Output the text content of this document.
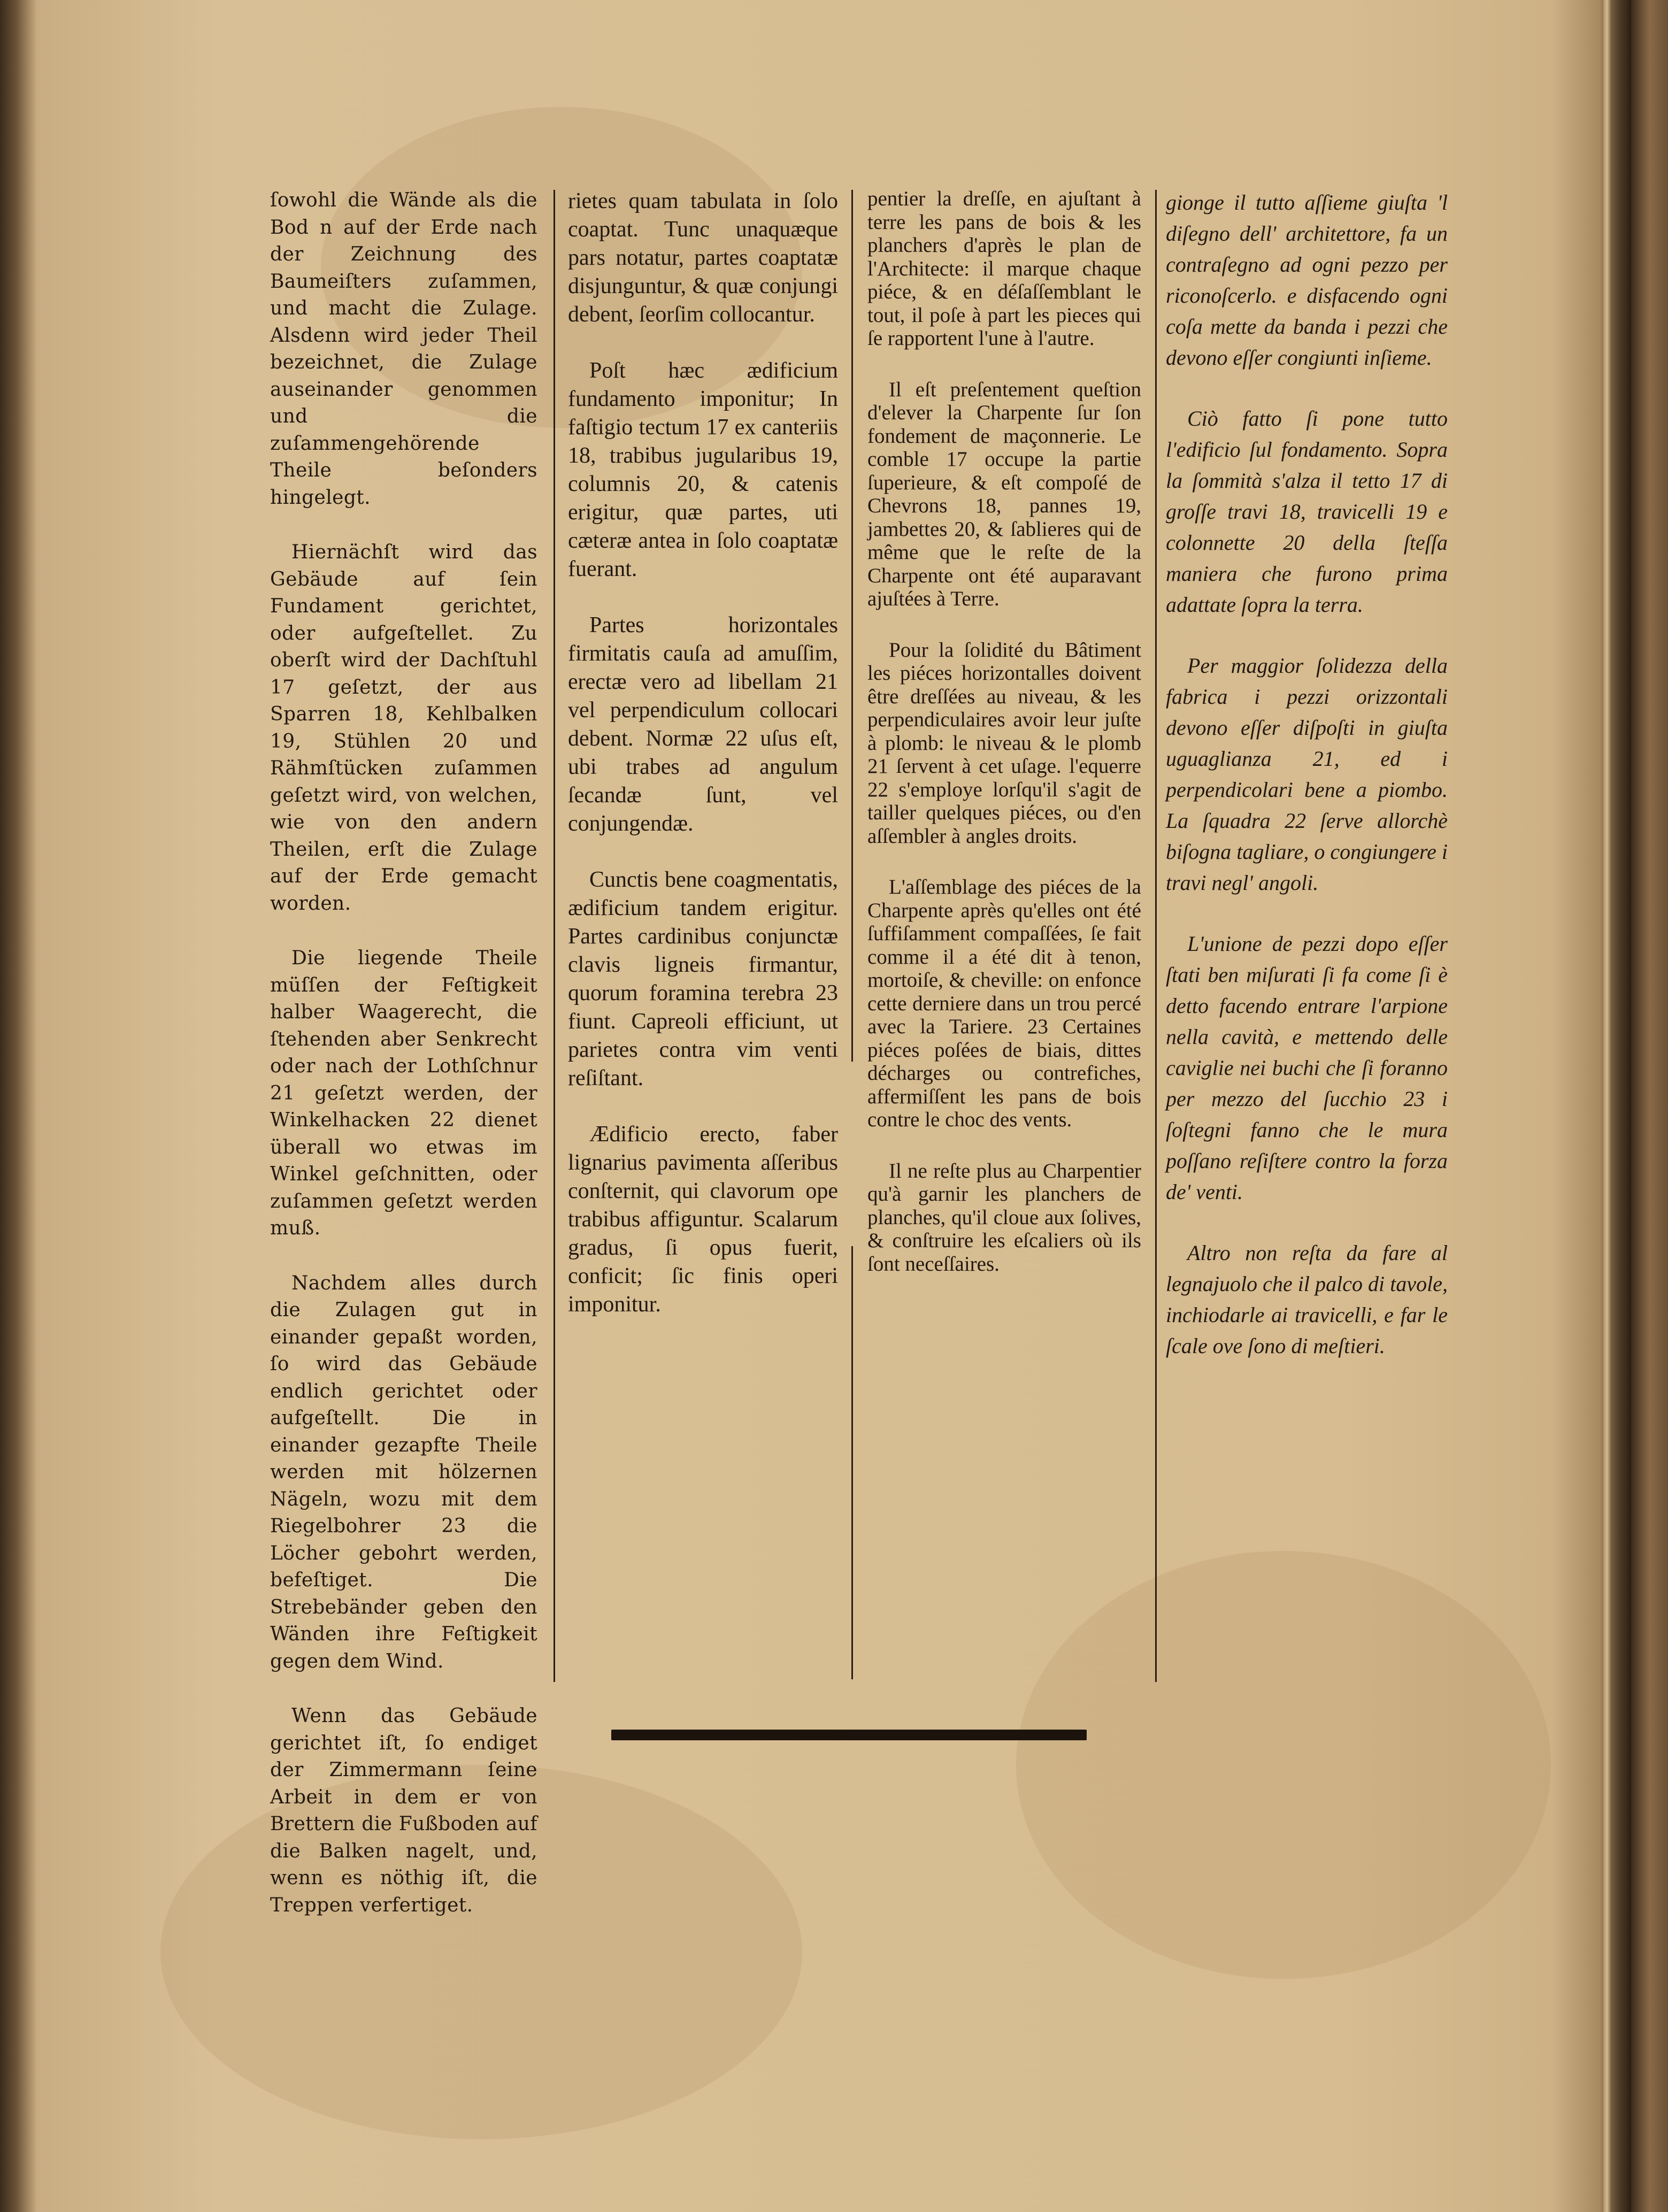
ſowohl die Wände als die Bod n auf der Erde nach der Zeichnung des Baumeiſters zuſammen, und macht die Zulage. Alsdenn wird jeder Theil bezeichnet, die Zulage auseinander genommen und die zuſammengehörende Theile beſonders hingelegt.

Hiernächſt wird das Gebäude auf ſein Fundament gerichtet, oder aufgeſtellet. Zu oberſt wird der Dachſtuhl 17 geſetzt, der aus Sparren 18, Kehlbalken 19, Stühlen 20 und Rähmſtücken zuſammen geſetzt wird, von welchen, wie von den andern Theilen, erſt die Zulage auf der Erde gemacht worden.

Die liegende Theile müſſen der Feſtigkeit halber Waagerecht, die ſtehenden aber Senkrecht oder nach der Lothſchnur 21 geſetzt werden, der Winkelhacken 22 dienet überall wo etwas im Winkel geſchnitten, oder zuſammen geſetzt werden muß.

Nachdem alles durch die Zulagen gut in einander gepaßt worden, ſo wird das Gebäude endlich gerichtet oder aufgeſtellt. Die in einander gezapfte Theile werden mit hölzernen Nägeln, wozu mit dem Riegelbohrer 23 die Löcher gebohrt werden, befeſtiget. Die Strebebänder geben den Wänden ihre Feſtigkeit gegen dem Wind.

Wenn das Gebäude gerichtet iſt, ſo endiget der Zimmermann ſeine Arbeit in dem er von Brettern die Fußboden auf die Balken nagelt, und, wenn es nöthig iſt, die Treppen verfertiget.

rietes quam tabulata in ſolo coaptat. Tunc unaquæque pars notatur, partes coaptatæ disjunguntur, & quæ conjungi debent, ſeorſim collocantur.

Poſt hæc ædificium fundamento imponitur; In faſtigio tectum 17 ex canteriis 18, trabibus jugularibus 19, columnis 20, & catenis erigitur, quæ partes, uti cæteræ antea in ſolo coaptatæ fuerant.

Partes horizontales firmitatis cauſa ad amuſſim, erectæ vero ad libellam 21 vel perpendiculum collocari debent. Normæ 22 uſus eſt, ubi trabes ad angulum ſecandæ ſunt, vel conjungendæ.

Cunctis bene coagmentatis, ædificium tandem erigitur. Partes cardinibus conjunctæ clavis ligneis firmantur, quorum foramina terebra 23 fiunt. Capreoli efficiunt, ut parietes contra vim venti reſiſtant.

Ædificio erecto, faber lignarius pavimenta aſſeribus conſternit, qui clavorum ope trabibus affiguntur. Scalarum gradus, ſi opus fuerit, conficit; ſic finis operi imponitur.

pentier la dreſſe, en ajuſtant à terre les pans de bois & les planchers d'après le plan de l'Architecte: il marque chaque piéce, & en déſaſſemblant le tout, il poſe à part les pieces qui ſe rapportent l'une à l'autre.

Il eſt preſentement queſtion d'elever la Charpente ſur ſon fondement de maçonnerie. Le comble 17 occupe la partie ſuperieure, & eſt compoſé de Chevrons 18, pannes 19, jambettes 20, & ſablieres qui de même que le reſte de la Charpente ont été auparavant ajuſtées à Terre.

Pour la ſolidité du Bâtiment les piéces horizontalles doivent être dreſſées au niveau, & les perpendiculaires avoir leur juſte à plomb: le niveau & le plomb 21 ſervent à cet uſage. l'equerre 22 s'employe lorſqu'il s'agit de tailler quelques piéces, ou d'en aſſembler à angles droits.

L'aſſemblage des piéces de la Charpente après qu'elles ont été ſuffiſamment compaſſées, ſe fait comme il a été dit à tenon, mortoiſe, & cheville: on enfonce cette derniere dans un trou percé avec la Tariere. 23 Certaines piéces poſées de biais, dittes décharges ou contrefiches, affermiſſent les pans de bois contre le choc des vents.

Il ne reſte plus au Charpentier qu'à garnir les planchers de planches, qu'il cloue aux ſolives, & conſtruire les eſcaliers où ils ſont neceſſaires.

gionge il tutto aſſieme giuſta 'l diſegno dell' architettore, fa un contraſegno ad ogni pezzo per riconoſcerlo. e disfacendo ogni coſa mette da banda i pezzi che devono eſſer congiunti inſieme.

Ciò fatto ſi pone tutto l'edificio ſul fondamento. Sopra la ſommità s'alza il tetto 17 di groſſe travi 18, travicelli 19 e colonnette 20 della ſteſſa maniera che furono prima adattate ſopra la terra.

Per maggior ſolidezza della fabrica i pezzi orizzontali devono eſſer diſpoſti in giuſta uguaglianza 21, ed i perpendicolari bene a piombo. La ſquadra 22 ſerve allorchè biſogna tagliare, o congiungere i travi negl' angoli.

L'unione de pezzi dopo eſſer ſtati ben miſurati ſi fa come ſi è detto facendo entrare l'arpione nella cavità, e mettendo delle caviglie nei buchi che ſi foranno per mezzo del ſucchio 23 i ſoſtegni fanno che le mura poſſano reſiſtere contro la forza de' venti.

Altro non reſta da fare al legnajuolo che il palco di tavole, inchiodarle ai travicelli, e far le ſcale ove ſono di meſtieri.
